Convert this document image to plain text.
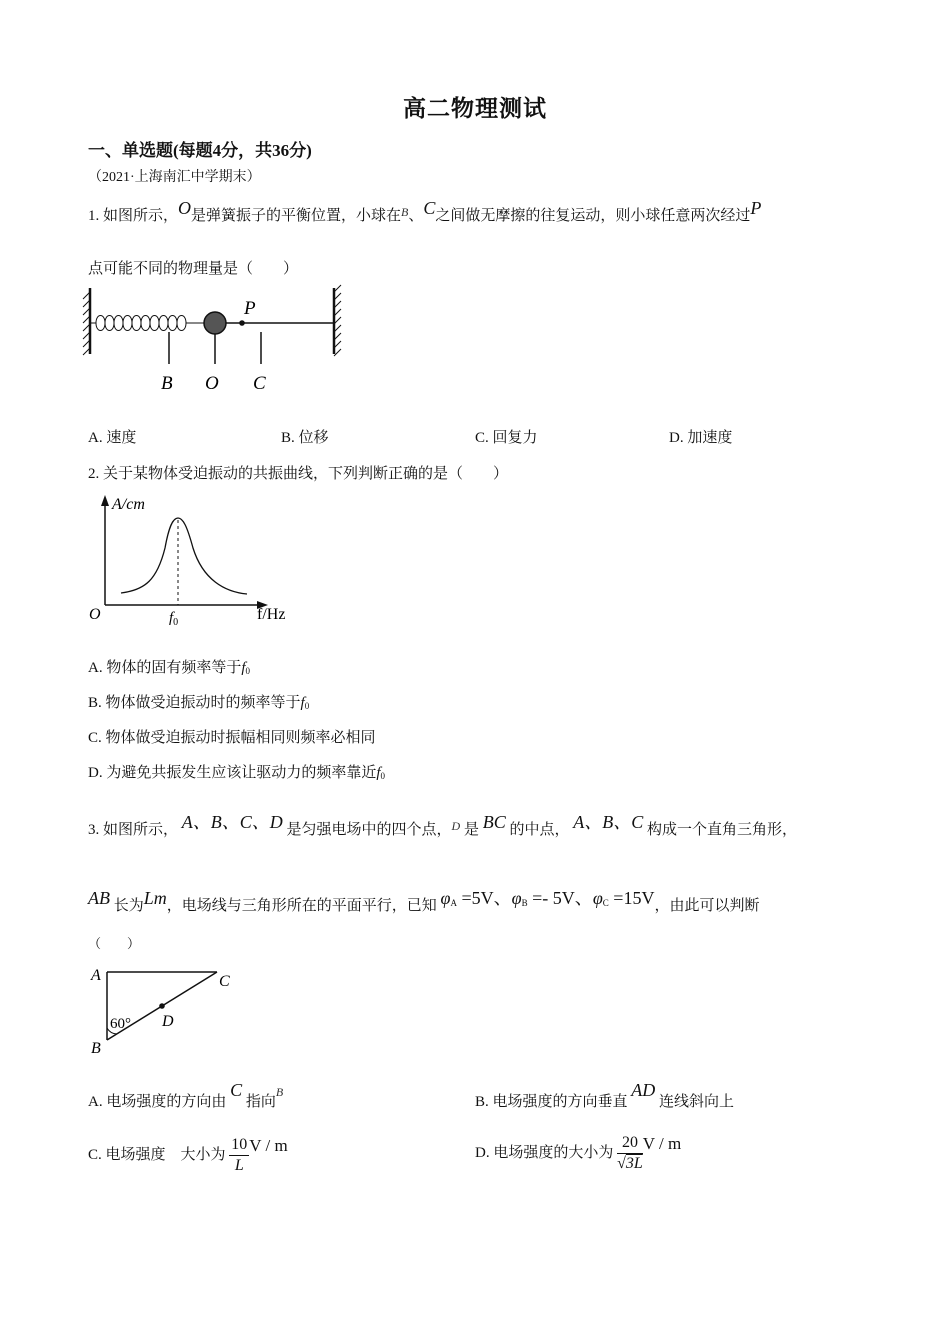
高二物理测试
一、单选题(每题4分，共36分)
（2021·上海南汇中学期末）
1. 如图所示，O是弹簧振子的平衡位置，小球在$^B$、C之间做无摩擦的往复运动，则小球任意两次经过P
点可能不同的物理量是（　　）
P
B O C
A. 速度	B. 位移	C. 回复力	D. 加速度
2. 关于某物体受迫振动的共振曲线，下列判断正确的是（　　）
A/cm
O	$f_0$	f/Hz
A. 物体的固有频率等于$f_0$
B. 物体做受迫振动时的频率等于$f_0$
C. 物体做受迫振动时振幅相同则频率必相同
D. 为避免共振发生应该让驱动力的频率靠近$f_0$
3. 如图所示， A、B、C、D 是匀强电场中的四个点，$^D$ 是 BC 的中点， A、B、C 构成一个直角三角形，
AB 长为Lm，电场线与三角形所在的平面平行，已知 $\varphi_A =5V$、$\varphi_B =- 5V$、$\varphi_C =15V$，由此可以判断
（　　）
A	C
B
D
60°
A. 电场强度的方向由 C 指向$^B$
B. 电场强度的方向垂直 AD 连线斜向上
C. 电场强度　大小为 $\frac{10}{L}$ V / m	D. 电场强度的大小为 $\frac{20}{√3L}$ V / m
